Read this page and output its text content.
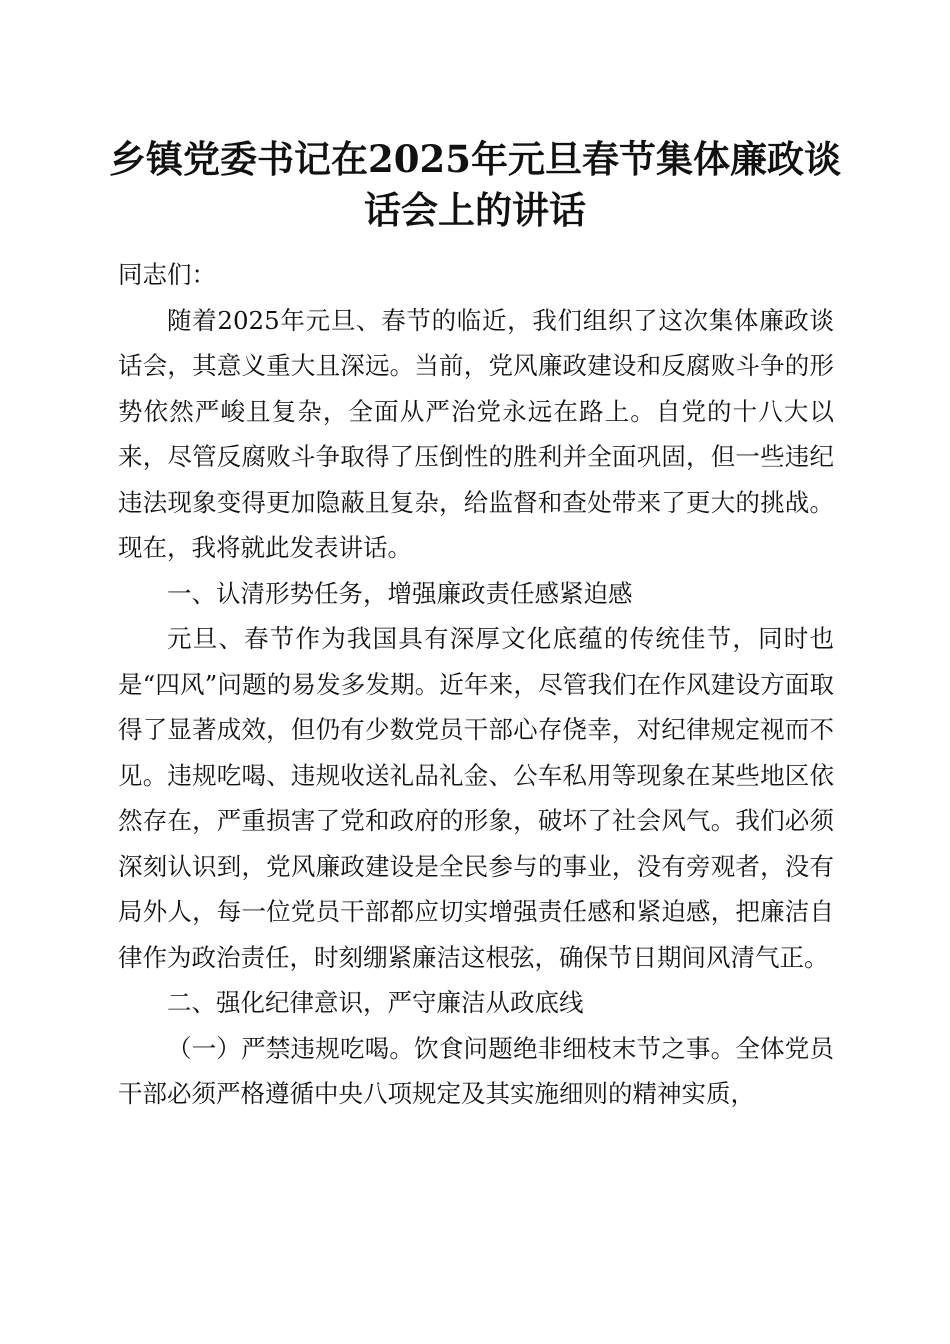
乡镇党委书记在2025年元旦春节集体廉政谈
话会上的讲话

同志们：

随着2025年元旦、春节的临近，我们组织了这次集体廉政谈话会，其意义重大且深远。当前，党风廉政建设和反腐败斗争的形势依然严峻且复杂，全面从严治党永远在路上。自党的十八大以来，尽管反腐败斗争取得了压倒性的胜利并全面巩固，但一些违纪违法现象变得更加隐蔽且复杂，给监督和查处带来了更大的挑战。现在，我将就此发表讲话。

一、认清形势任务，增强廉政责任感紧迫感

元旦、春节作为我国具有深厚文化底蕴的传统佳节，同时也是“四风”问题的易发多发期。近年来，尽管我们在作风建设方面取得了显著成效，但仍有少数党员干部心存侥幸，对纪律规定视而不见。违规吃喝、违规收送礼品礼金、公车私用等现象在某些地区依然存在，严重损害了党和政府的形象，破坏了社会风气。我们必须深刻认识到，党风廉政建设是全民参与的事业，没有旁观者，没有局外人，每一位党员干部都应切实增强责任感和紧迫感，把廉洁自律作为政治责任，时刻绷紧廉洁这根弦，确保节日期间风清气正。

二、强化纪律意识，严守廉洁从政底线

（一）严禁违规吃喝。饮食问题绝非细枝末节之事。全体党员干部必须严格遵循中央八项规定及其实施细则的精神实质，
